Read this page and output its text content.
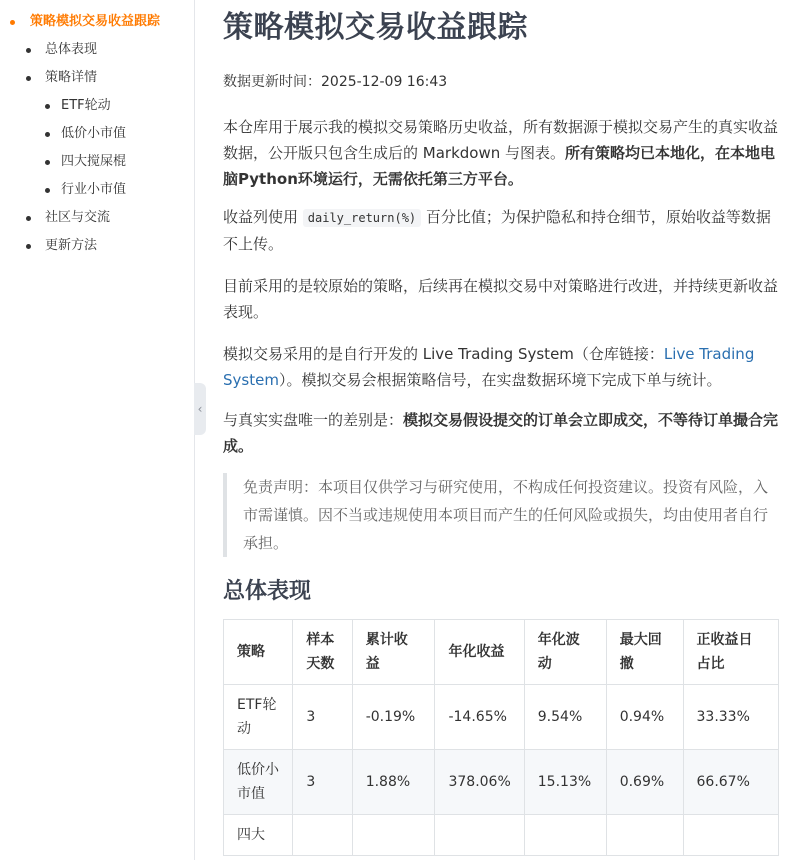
策略模拟交易收益跟踪
总体表现
策略详情
ETF轮动
低价小市值
四大搅屎棍
行业小市值
社区与交流
更新方法
‹
策略模拟交易收益跟踪
数据更新时间：2025-12-09 16:43

本仓库用于展示我的模拟交易策略历史收益，所有数据源于模拟交易产生的真实收益数据，公开版只包含生成后的 Markdown 与图表。所有策略均已本地化，在本地电脑Python环境运行，无需依托第三方平台。

收益列使用 daily_return(%) 百分比值；为保护隐私和持仓细节，原始收益等数据不上传。

目前采用的是较原始的策略，后续再在模拟交易中对策略进行改进，并持续更新收益表现。

模拟交易采用的是自行开发的 Live Trading System（仓库链接：Live Trading System）。模拟交易会根据策略信号，在实盘数据环境下完成下单与统计。

与真实实盘唯一的差别是：模拟交易假设提交的订单会立即成交，不等待订单撮合完成。

免责声明：本项目仅供学习与研究使用，不构成任何投资建议。投资有风险，入市需谨慎。因不当或违规使用本项目而产生的任何风险或损失，均由使用者自行承担。
总体表现
策略	样本天数	累计收益	年化收益	年化波动	最大回撤	正收益日占比
ETF轮动	3	-0.19%	-14.65%	9.54%	0.94%	33.33%
低价小市值	3	1.88%	378.06%	15.13%	0.69%	66.67%
四大						
